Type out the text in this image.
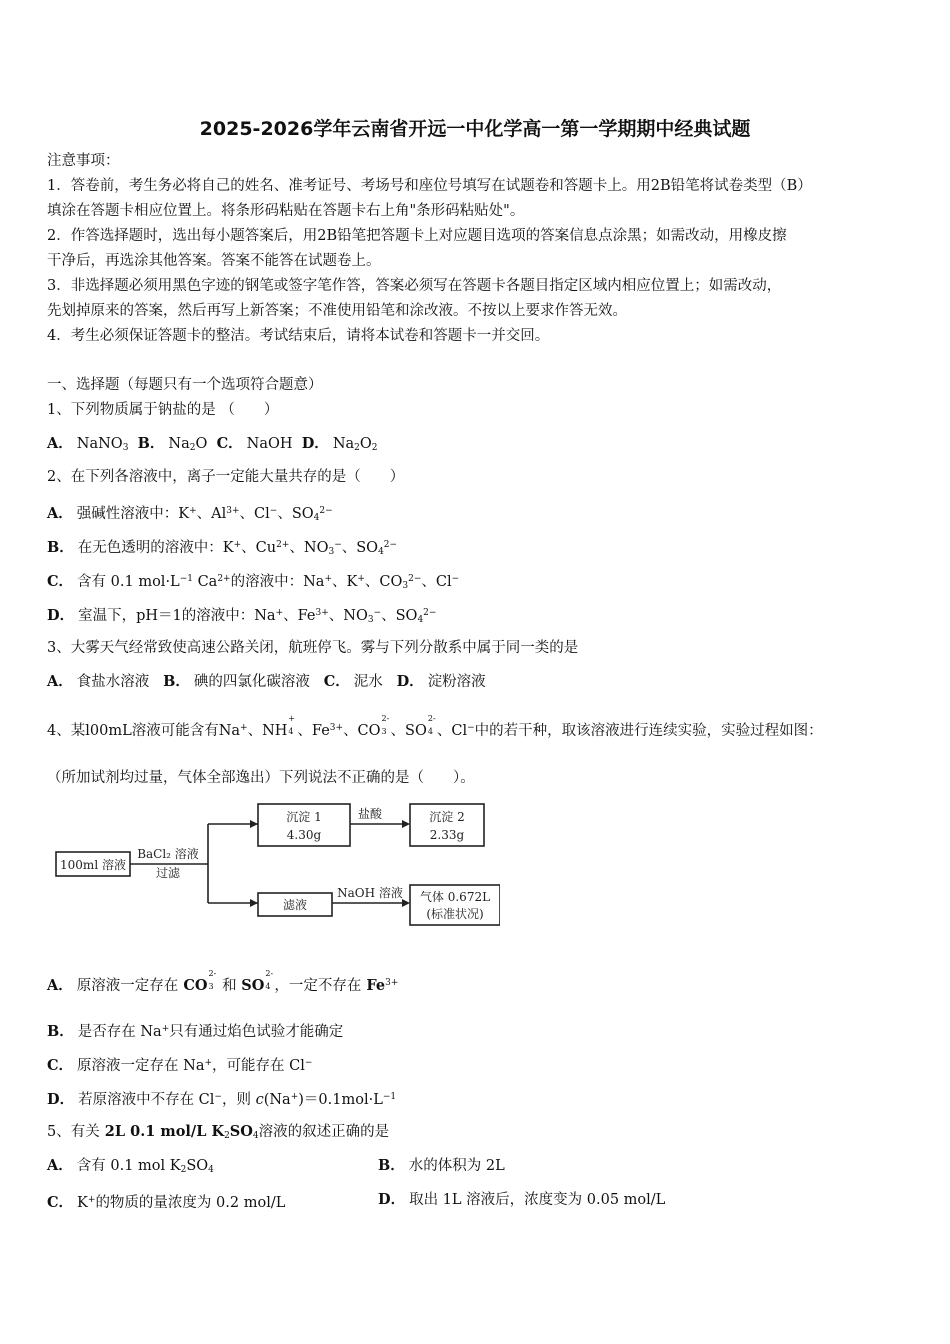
2025-2026学年云南省开远一中化学高一第一学期期中经典试题
注意事项：
1．答卷前，考生务必将自己的姓名、准考证号、考场号和座位号填写在试题卷和答题卡上。用2B铅笔将试卷类型（B）
填涂在答题卡相应位置上。将条形码粘贴在答题卡右上角"条形码粘贴处"。
2．作答选择题时，选出每小题答案后，用2B铅笔把答题卡上对应题目选项的答案信息点涂黑；如需改动，用橡皮擦
干净后，再选涂其他答案。答案不能答在试题卷上。
3．非选择题必须用黑色字迹的钢笔或签字笔作答，答案必须写在答题卡各题目指定区域内相应位置上；如需改动，
先划掉原来的答案，然后再写上新答案；不准使用铅笔和涂改液。不按以上要求作答无效。
4．考生必须保证答题卡的整洁。考试结束后，请将本试卷和答题卡一并交回。
一、选择题（每题只有一个选项符合题意）
1、下列物质属于钠盐的是 （　　）
A． NaNO$_3$ B． $Na_2O$ C． NaOH D． $Na_2O_2$
2、在下列各溶液中，离子一定能大量共存的是（　　）
A． 强碱性溶液中：K+、$Al^{3+}$、Cl−、$SO_4^{2-}$
B． 在无色透明的溶液中：K+、$Cu^{2+}$、$NO_3^-$、$SO_4^{2-}$
C． 含有 0.1 $mol\cdot L^{-1}$ $Ca^{2+}$的溶液中：Na+、K+、$CO_3^{2-}$、Cl−
D． 室温下，pH＝1的溶液中：Na+、$Fe^{3+}$、$NO_3^-$、$SO_4^{2-}$
3、大雾天气经常致使高速公路关闭，航班停飞。雾与下列分散系中属于同一类的是
A． 食盐水溶液 B． 碘的四氯化碳溶液 C． 泥水 D． 淀粉溶液
4、某l00mL溶液可能含有Na+、NH
+
4 、$Fe^{3+}$、CO
2-
3 、SO
2-
4 、Cl−中的若干种，取该溶液进行连续实验，实验过程如图：
（所加试剂均过量，气体全部逸出）下列说法不正确的是（　　）。
100ml 溶液
BaCl₂ 溶液
过滤
沉淀 1
4.30g
盐酸	沉淀 2
2.33g
滤液
NaOH 溶液 气体 0.672L
(标准状况)
A． 原溶液一定存在 CO
2-
3 和 SO
2-
4 ，一定不存在 $Fe^{3+}$
B． 是否存在 Na+只有通过焰色试验才能确定
C． 原溶液一定存在 Na+，可能存在 Cl−
D． 若原溶液中不存在 Cl−，则 $c(Na^+)=0.1mol\cdot L^{-1}$
5、有关 2L 0.1 mol/L $K_2SO_4$溶液的叙述正确的是
A． 含有 0.1 mol $K_2SO_4$	B． 水的体积为 2L
C． K+的物质的量浓度为 0.2 mol/L	D． 取出 1L 溶液后，浓度变为 0.05 mol/L
